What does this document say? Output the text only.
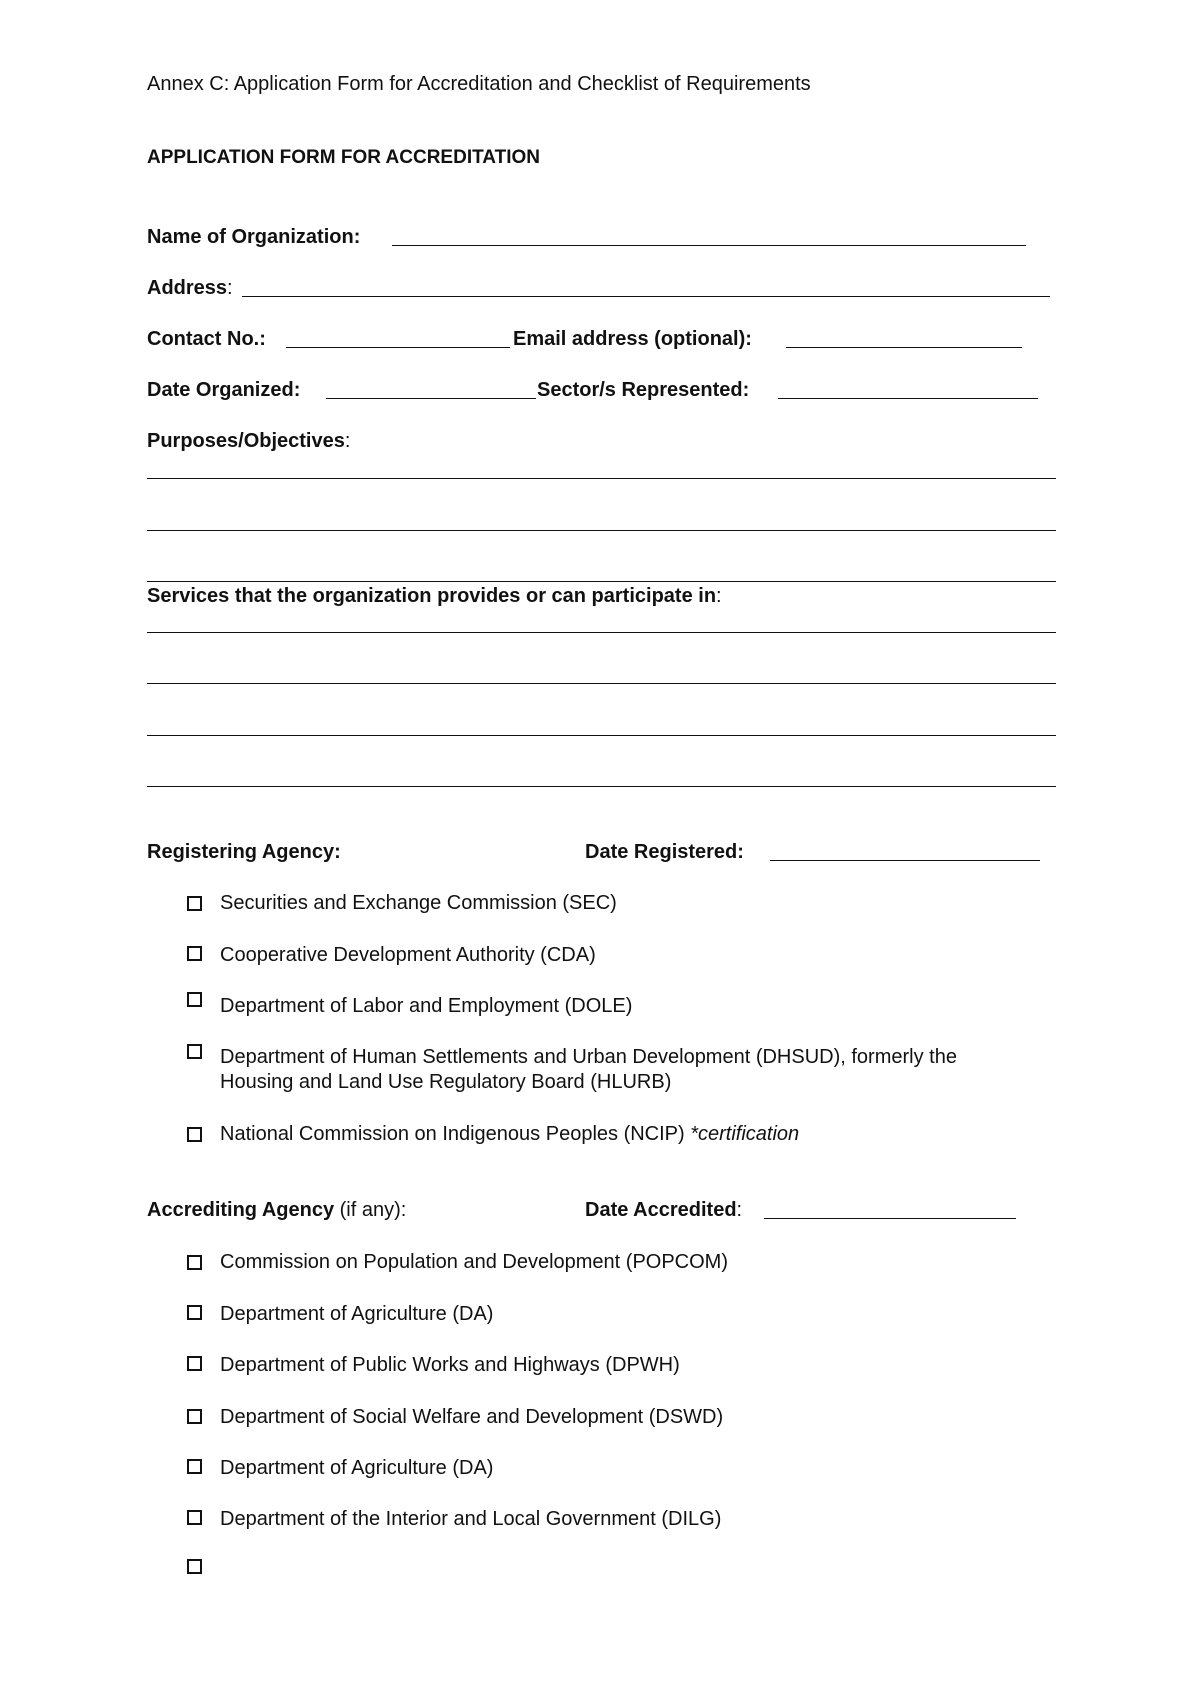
Annex C: Application Form for Accreditation and Checklist of Requirements
APPLICATION FORM FOR ACCREDITATION
Name of Organization:
Address:
Contact No.:	Email address (optional):
Date Organized:	Sector/s Represented:
Purposes/Objectives:
Services that the organization provides or can participate in:
Registering Agency:	Date Registered:
Securities and Exchange Commission (SEC)
Cooperative Development Authority (CDA)
Department of Labor and Employment (DOLE)
Department of Human Settlements and Urban Development (DHSUD), formerly the
Housing and Land Use Regulatory Board (HLURB)
National Commission on Indigenous Peoples (NCIP) *certification
Accrediting Agency (if any):	Date Accredited:
Commission on Population and Development (POPCOM)
Department of Agriculture (DA)
Department of Public Works and Highways (DPWH)
Department of Social Welfare and Development (DSWD)
Department of Agriculture (DA)
Department of the Interior and Local Government (DILG)
